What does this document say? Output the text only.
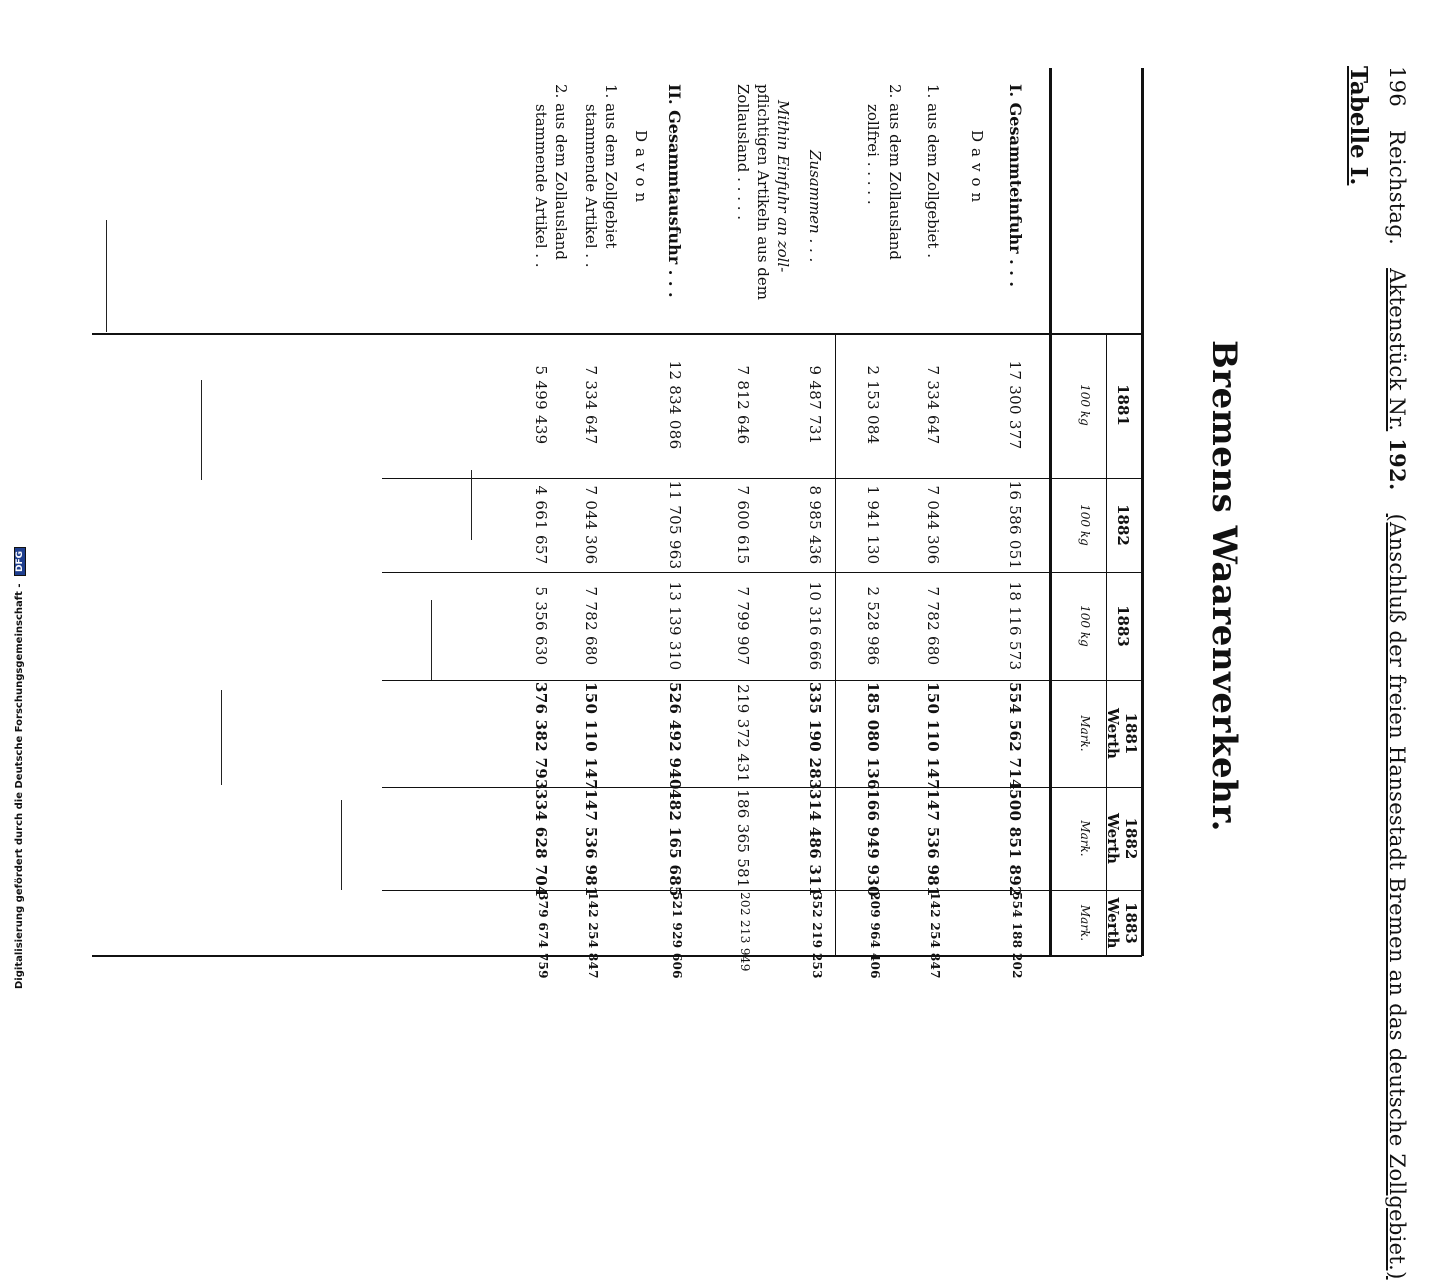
196 Reichstag. Aktenstück Nr. 192. (Anschluß der freien Hansestadt Bremen an das deutsche Zollgebiet.)
Tabelle I.
Bremens Waarenverkehr.
1881
100 kg
1882
100 kg
1883
100 kg
1881
Werth
Mark.
1882
Werth
Mark.
1883
Werth
Mark.
I. Gesammteinfuhr . . .
17 300 377
16 586 051
18 116 573
554 562 714
500 851 892
554 188 202
Davon
1. aus dem Zollgebiet .
7 334 647
7 044 306
7 782 680
150 110 147
147 536 981
142 254 847
2. aus dem Zollausland
zollfrei . . . . .
2 153 084
1 941 130
2 528 986
185 080 136
166 949 930
209 964 406
Zusammen . . .
9 487 731
8 985 436
10 316 666
335 190 283
314 486 311
352 219 253
Mithin Einfuhr an zoll-
pflichtigen Artikeln aus dem
Zollausland . . . . .
7 812 646
7 600 615
7 799 907
219 372 431
186 365 581
202 213 949
II. Gesammtausfuhr . . .
12 834 086
11 705 963
13 139 310
526 492 940
482 165 685
521 929 606
Davon
1. aus dem Zollgebiet
stammende Artikel . .
7 334 647
7 044 306
7 782 680
150 110 147
147 536 981
142 254 847
2. aus dem Zollausland
stammende Artikel . .
5 499 439
4 661 657
5 356 630
376 382 793
334 628 704
379 674 759
Digitalisierung gefördert durch die Deutsche Forschungsgemeinschaft - DFG
